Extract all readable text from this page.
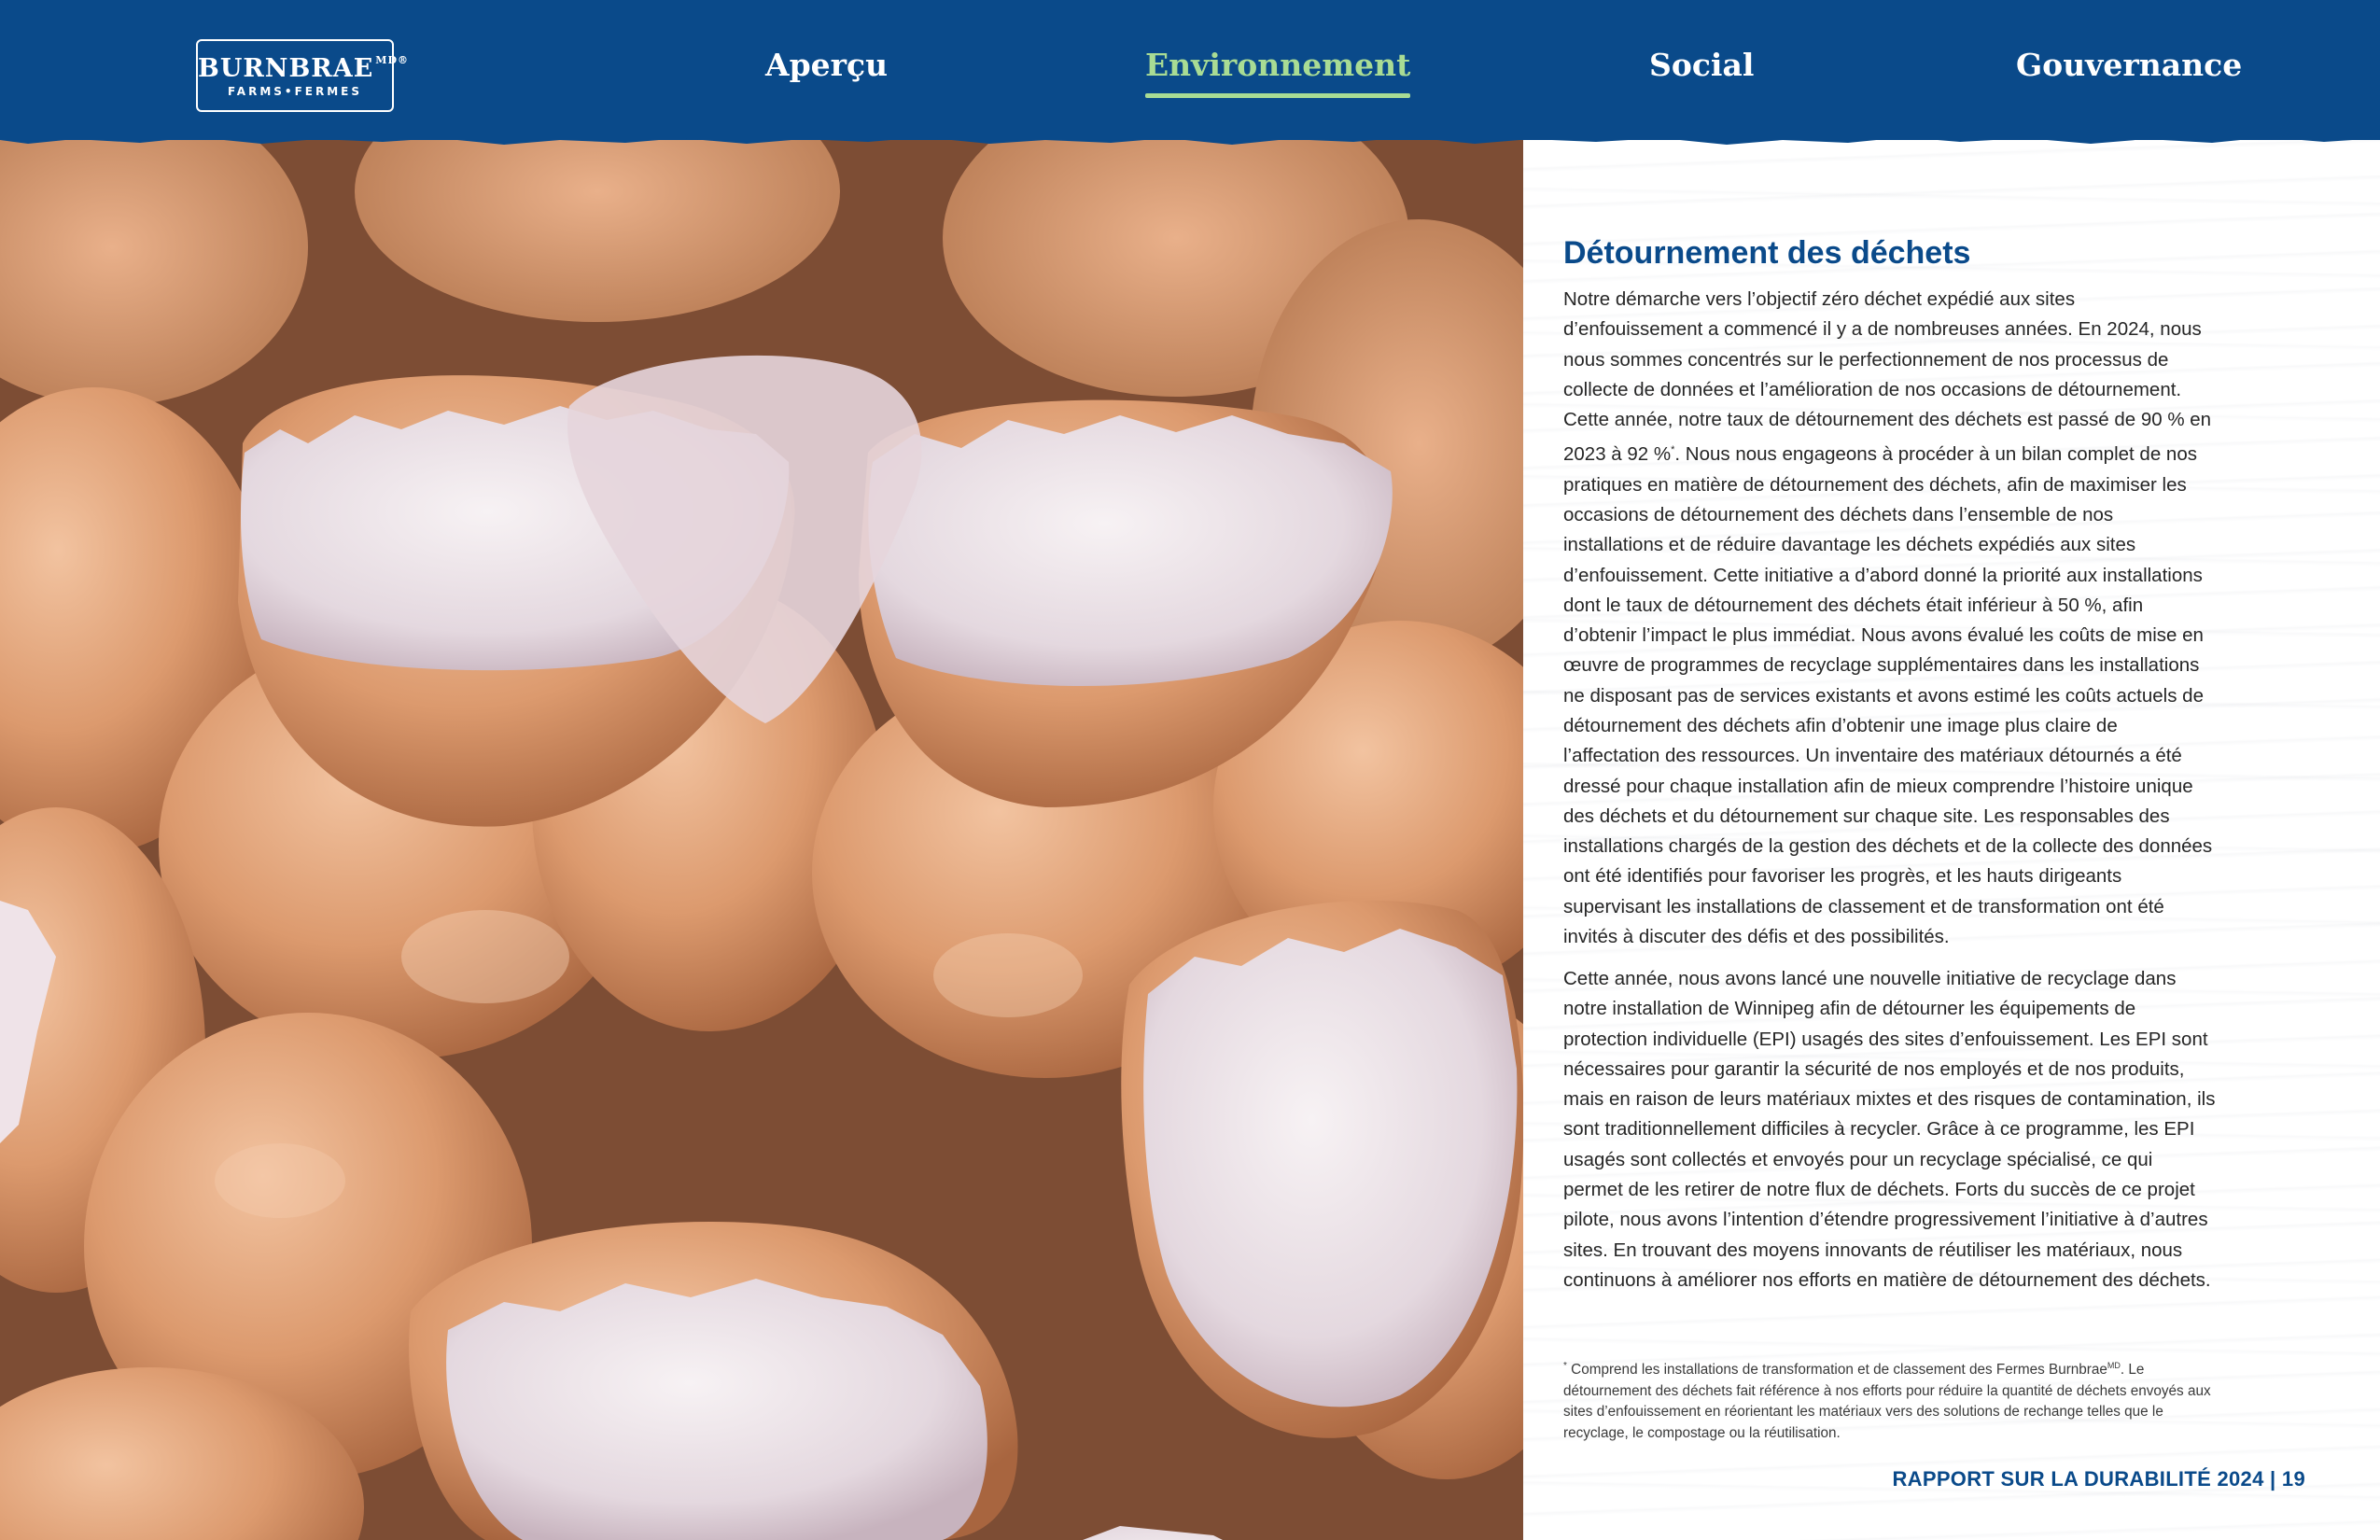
BURNBRAE $^{MD®}$
FARMS•FERMES
Aperçu	Environnement	Social	Gouvernance
Détournement des déchets

Notre démarche vers l’objectif zéro déchet expédié aux sites d’enfouissement a commencé il y a de nombreuses années. En 2024, nous nous sommes concentrés sur le perfectionnement de nos processus de collecte de données et l’amélioration de nos occasions de détournement. Cette année, notre taux de détournement des déchets est passé de 90 % en 2023 à 92 %*. Nous nous engageons à procéder à un bilan complet de nos pratiques en matière de détournement des déchets, afin de maximiser les occasions de détournement des déchets dans l’ensemble de nos installations et de réduire davantage les déchets expédiés aux sites d’enfouissement. Cette initiative a d’abord donné la priorité aux installations dont le taux de détournement des déchets était inférieur à 50 %, afin d’obtenir l’impact le plus immédiat. Nous avons évalué les coûts de mise en œuvre de programmes de recyclage supplémentaires dans les installations ne disposant pas de services existants et avons estimé les coûts actuels de détournement des déchets afin d’obtenir une image plus claire de l’affectation des ressources. Un inventaire des matériaux détournés a été dressé pour chaque installation afin de mieux comprendre l’histoire unique des déchets et du détournement sur chaque site. Les responsables des installations chargés de la gestion des déchets et de la collecte des données ont été identifiés pour favoriser les progrès, et les hauts dirigeants supervisant les installations de classement et de transformation ont été invités à discuter des défis et des possibilités.

Cette année, nous avons lancé une nouvelle initiative de recyclage dans notre installation de Winnipeg afin de détourner les équipements de protection individuelle (EPI) usagés des sites d’enfouissement. Les EPI sont nécessaires pour garantir la sécurité de nos employés et de nos produits, mais en raison de leurs matériaux mixtes et des risques de contamination, ils sont traditionnellement difficiles à recycler. Grâce à ce programme, les EPI usagés sont collectés et envoyés pour un recyclage spécialisé, ce qui permet de les retirer de notre flux de déchets. Forts du succès de ce projet pilote, nous avons l’intention d’étendre progressivement l’initiative à d’autres sites. En trouvant des moyens innovants de réutiliser les matériaux, nous continuons à améliorer nos efforts en matière de détournement des déchets.

* Comprend les installations de transformation et de classement des Fermes Burnbrae$^{MD}$. Le détournement des déchets fait référence à nos efforts pour réduire la quantité de déchets envoyés aux sites d’enfouissement en réorientant les matériaux vers des solutions de rechange telles que le recyclage, le compostage ou la réutilisation.

RAPPORT SUR LA DURABILITÉ 2024 | 19
